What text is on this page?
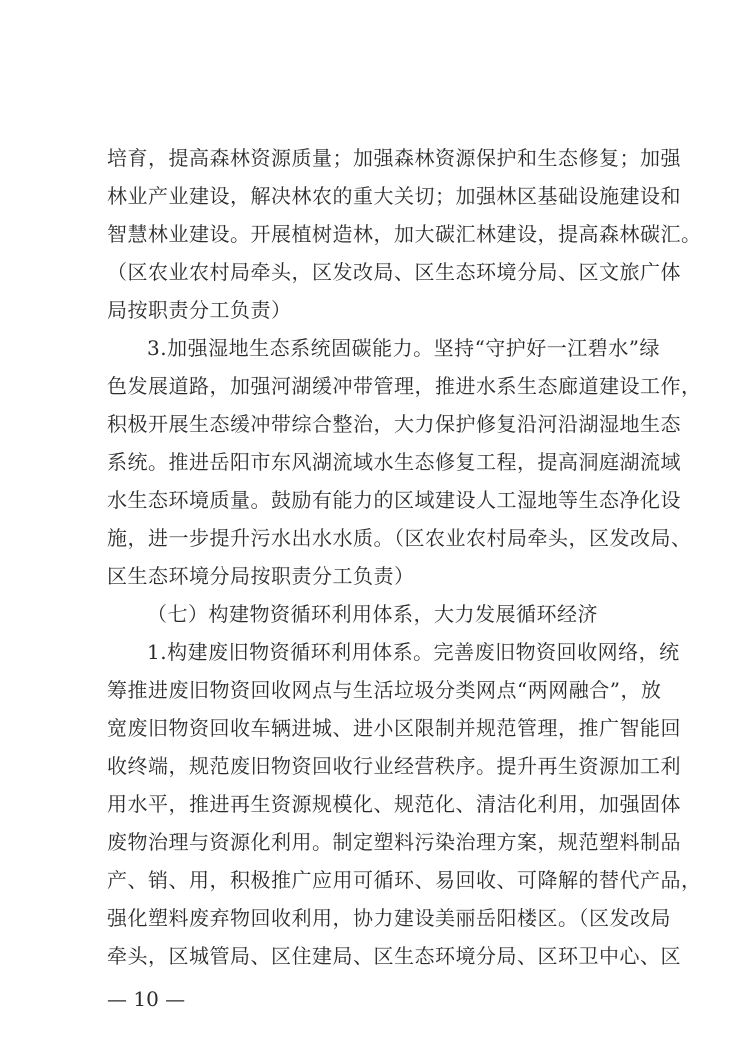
培育，提高森林资源质量；加强森林资源保护和生态修复；加强
林业产业建设，解决林农的重大关切；加强林区基础设施建设和
智慧林业建设。开展植树造林，加大碳汇林建设，提高森林碳汇。
（区农业农村局牵头，区发改局、区生态环境分局、区文旅广体
局按职责分工负责）
3.加强湿地生态系统固碳能力。坚持“守护好一江碧水”绿
色发展道路，加强河湖缓冲带管理，推进水系生态廊道建设工作，
积极开展生态缓冲带综合整治，大力保护修复沿河沿湖湿地生态
系统。推进岳阳市东风湖流域水生态修复工程，提高洞庭湖流域
水生态环境质量。鼓励有能力的区域建设人工湿地等生态净化设
施，进一步提升污水出水水质。（区农业农村局牵头，区发改局、
区生态环境分局按职责分工负责）
（七）构建物资循环利用体系，大力发展循环经济
1.构建废旧物资循环利用体系。完善废旧物资回收网络，统
筹推进废旧物资回收网点与生活垃圾分类网点“两网融合”，放
宽废旧物资回收车辆进城、进小区限制并规范管理，推广智能回
收终端，规范废旧物资回收行业经营秩序。提升再生资源加工利
用水平，推进再生资源规模化、规范化、清洁化利用，加强固体
废物治理与资源化利用。制定塑料污染治理方案，规范塑料制品
产、销、用，积极推广应用可循环、易回收、可降解的替代产品，
强化塑料废弃物回收利用，协力建设美丽岳阳楼区。（区发改局
牵头，区城管局、区住建局、区生态环境分局、区环卫中心、区
— 10 —
